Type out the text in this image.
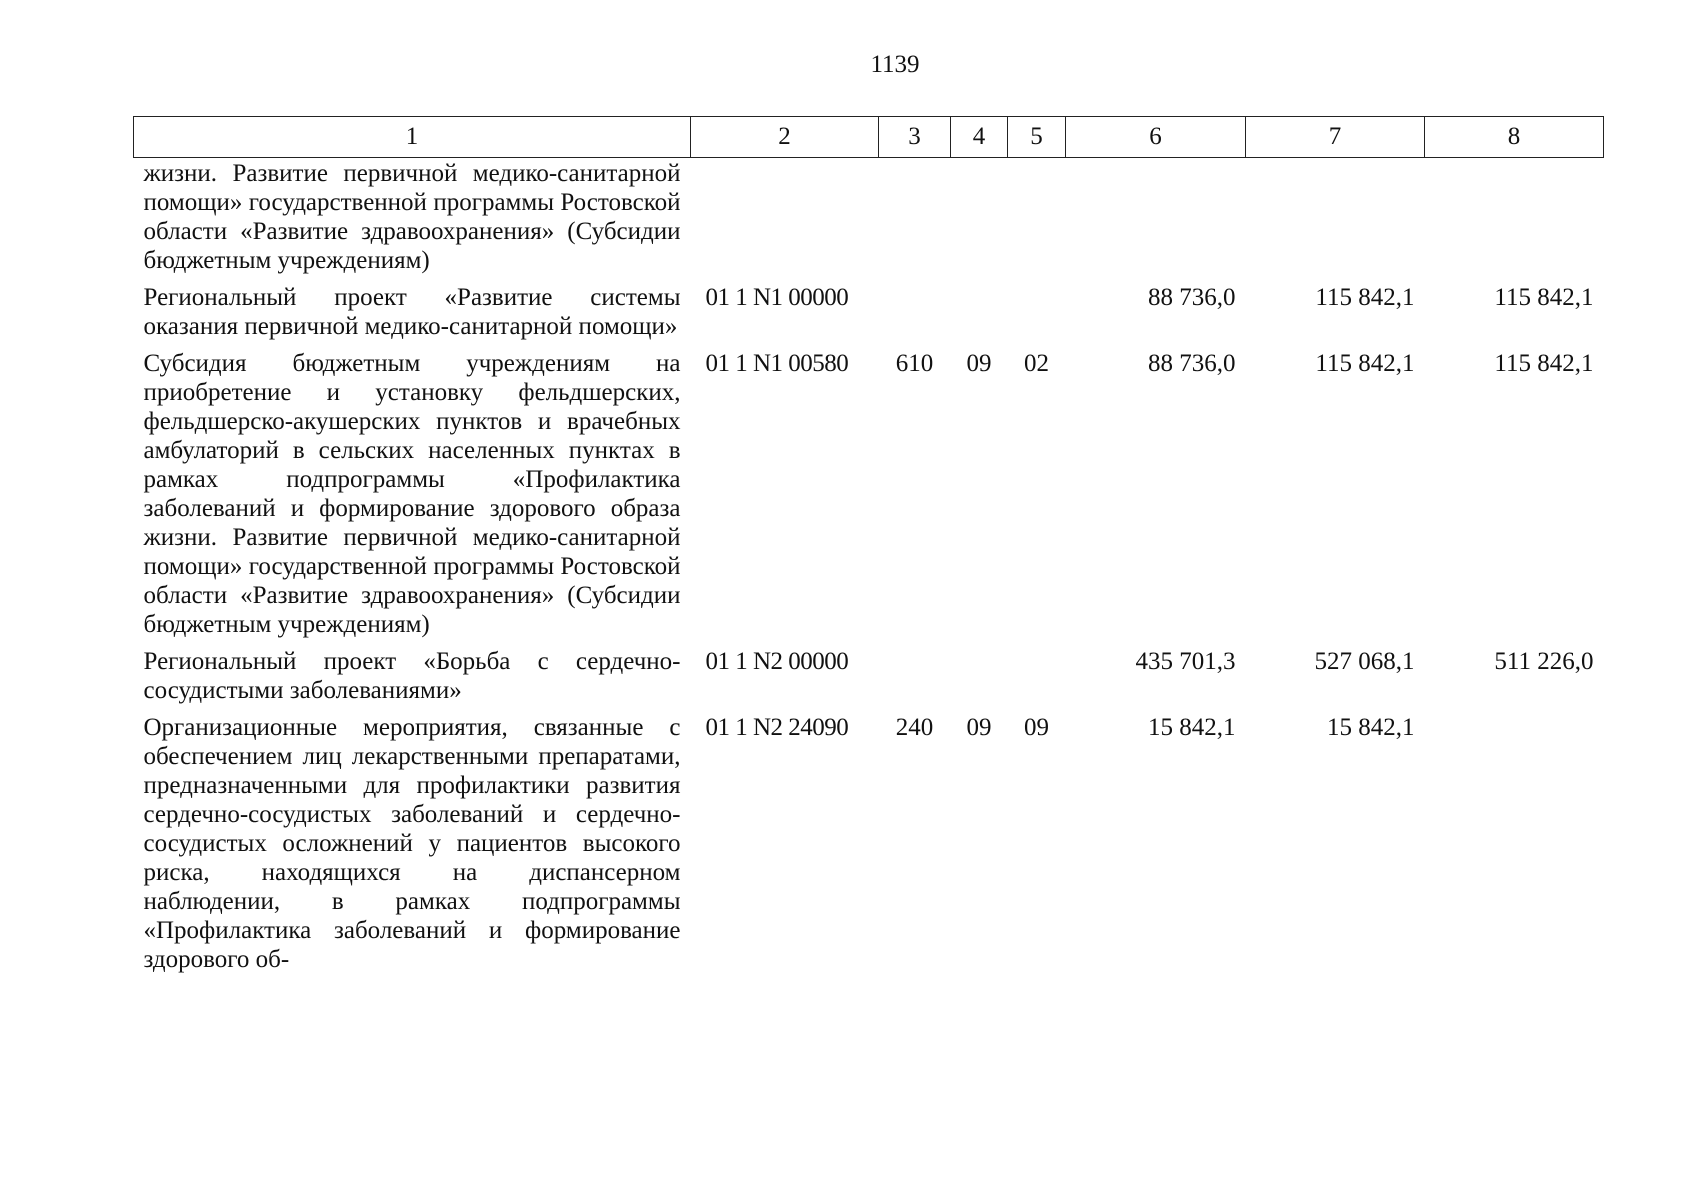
1139
1	2	3	4	5	6	7	8
жизни. Развитие первичной медико-санитарной помощи» государственной программы Ростовской области «Развитие здравоохранения» (Субсидии бюджетным учреждениям)							
Региональный проект «Развитие системы оказания первичной медико-санитарной помощи»	01 1 N1 00000				88 736,0	115 842,1	115 842,1
Субсидия бюджетным учреждениям на приобретение и установку фельдшерских, фельдшерско-акушерских пунктов и врачебных амбулаторий в сельских населенных пунктах в рамках подпрограммы «Профилактика заболеваний и формирование здорового образа жизни. Развитие первичной медико-санитарной помощи» государственной программы Ростовской области «Развитие здравоохранения» (Субсидии бюджетным учреждениям)	01 1 N1 00580	610	09	02	88 736,0	115 842,1	115 842,1
Региональный проект «Борьба с сердечно-сосудистыми заболеваниями»	01 1 N2 00000				435 701,3	527 068,1	511 226,0
Организационные мероприятия, связанные с обеспечением лиц лекарственными препаратами, предназначенными для профилактики развития сердечно-сосудистых заболеваний и сердечно-сосудистых осложнений у пациентов высокого риска, находящихся на диспансерном наблюдении, в рамках подпрограммы «Профилактика заболеваний и формирование здорового об-	01 1 N2 24090	240	09	09	15 842,1	15 842,1	
